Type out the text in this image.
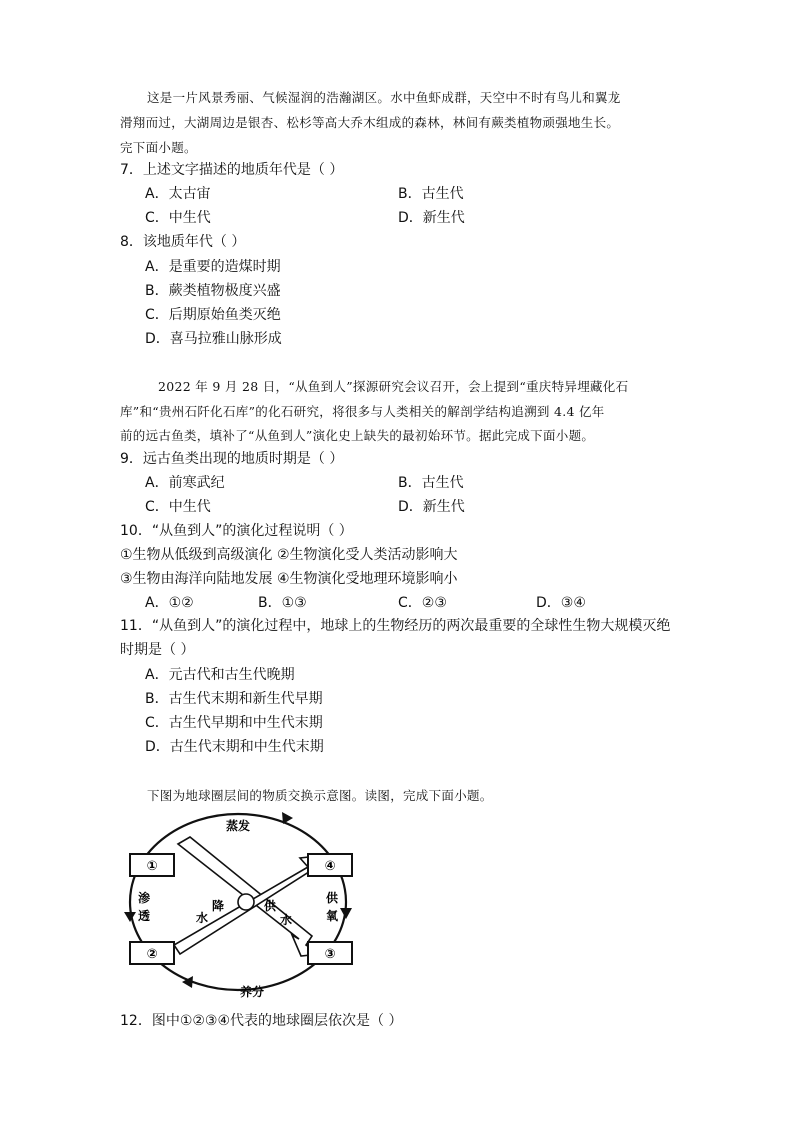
这是一片风景秀丽、气候湿润的浩瀚湖区。水中鱼虾成群，天空中不时有鸟儿和翼龙
滑翔而过，大湖周边是银杏、松杉等高大乔木组成的森林，林间有蕨类植物顽强地生长。
完下面小题。
7．上述文字描述的地质年代是（ ）
A．太古宙	B．古生代
C．中生代	D．新生代
8．该地质年代（ ）
A．是重要的造煤时期
B．蕨类植物极度兴盛
C．后期原始鱼类灭绝
D．喜马拉雅山脉形成
2022 年 9 月 28 日，“从鱼到人”探源研究会议召开，会上提到“重庆特异埋藏化石
库”和“贵州石阡化石库”的化石研究，将很多与人类相关的解剖学结构追溯到 4.4 亿年
前的远古鱼类，填补了“从鱼到人”演化史上缺失的最初始环节。据此完成下面小题。
9．远古鱼类出现的地质时期是（ ）
A．前寒武纪	B．古生代
C．中生代	D．新生代
10．“从鱼到人”的演化过程说明（ ）
①生物从低级到高级演化 ②生物演化受人类活动影响大
③生物由海洋向陆地发展 ④生物演化受地理环境影响小
A．①②	B．①③	C．②③	D．③④
11．“从鱼到人”的演化过程中，地球上的生物经历的两次最重要的全球性生物大规模灭绝
时期是（ ）
A．元古代和古生代晚期
B．古生代末期和新生代早期
C．古生代早期和中生代末期
D．古生代末期和中生代末期
下图为地球圈层间的物质交换示意图。读图，完成下面小题。
①	④
②	③
蒸发
养分
渗
透
供
氧
降
水
供
水
12．图中①②③④代表的地球圈层依次是（ ）
